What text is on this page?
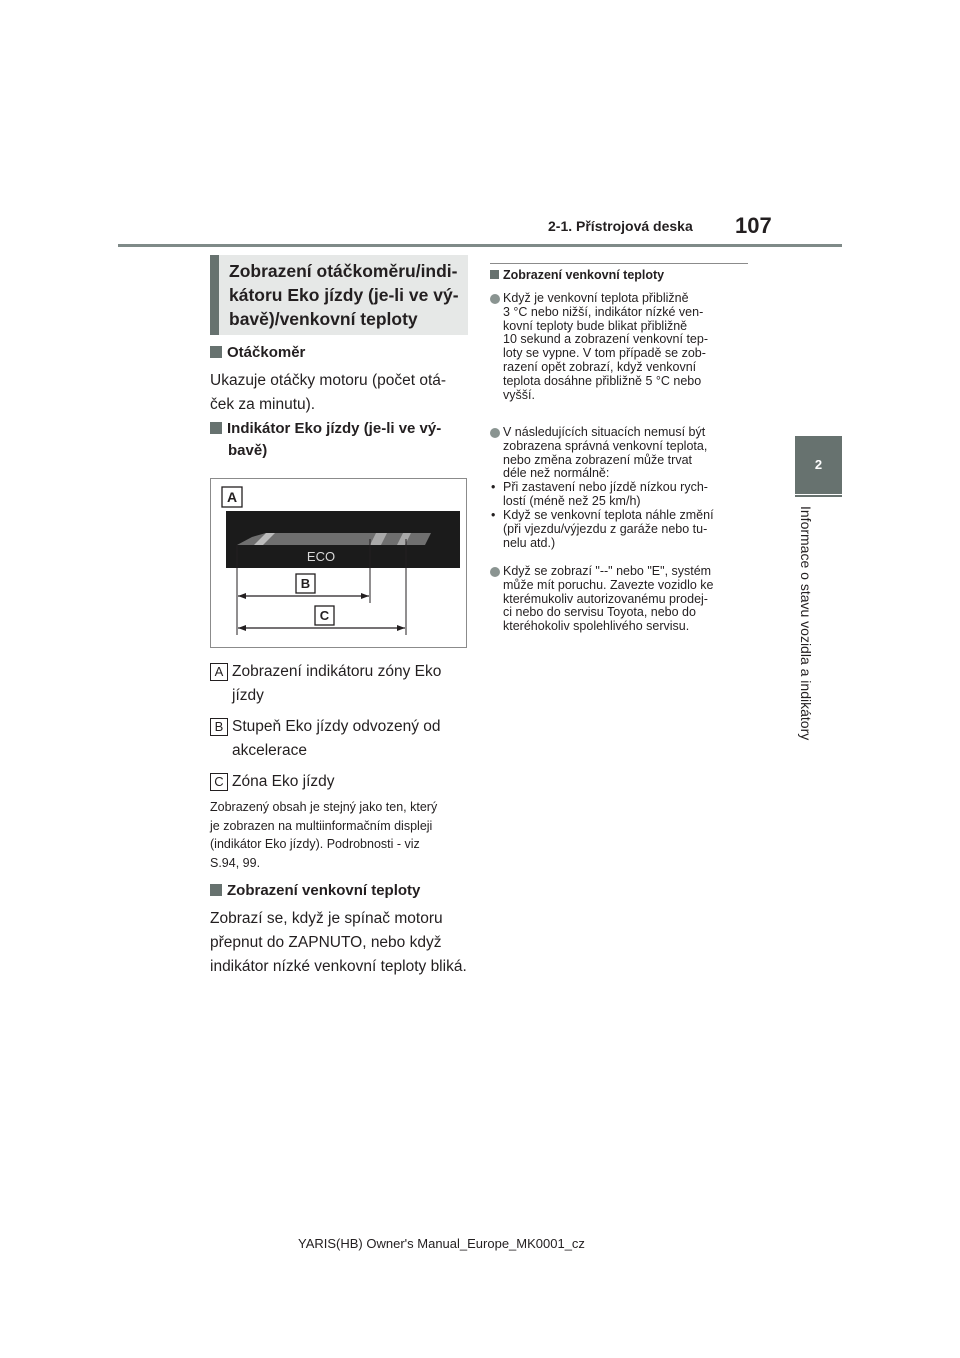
2-1. Přístrojová deska 107
2
Informace o stavu vozidla a indikátory
Zobrazení otáčkoměru/indi-
kátoru Eko jízdy (je-li ve vý-
bavě)/venkovní teploty
Otáčkoměr
Ukazuje otáčky motoru (počet otá-
ček za minutu).
Indikátor Eko jízdy (je-li ve vý-
bavě)
A
ECO
B
C
A Zobrazení indikátoru zóny Eko
jízdy
B Stupeň Eko jízdy odvozený od
akcelerace
C Zóna Eko jízdy
Zobrazený obsah je stejný jako ten, který
je zobrazen na multiinformačním displeji
(indikátor Eko jízdy). Podrobnosti - viz
S.94, 99.
Zobrazení venkovní teploty
Zobrazí se, když je spínač motoru
přepnut do ZAPNUTO, nebo když
indikátor nízké venkovní teploty bliká.
Zobrazení venkovní teploty
Když je venkovní teplota přibližně
3 °C nebo nižší, indikátor nízké ven-
kovní teploty bude blikat přibližně
10 sekund a zobrazení venkovní tep-
loty se vypne. V tom případě se zob-
razení opět zobrazí, když venkovní
teplota dosáhne přibližně 5 °C nebo
vyšší.
V následujících situacích nemusí být
zobrazena správná venkovní teplota,
nebo změna zobrazení může trvat
déle než normálně:
• Při zastavení nebo jízdě nízkou rych-
lostí (méně než 25 km/h)
• Když se venkovní teplota náhle změní
(při vjezdu/výjezdu z garáže nebo tu-
nelu atd.)
Když se zobrazí "--" nebo "E", systém
může mít poruchu. Zavezte vozidlo ke
kterémukoliv autorizovanému prodej-
ci nebo do servisu Toyota, nebo do
kteréhokoliv spolehlivého servisu.
YARIS(HB) Owner's Manual_Europe_MK0001_cz
